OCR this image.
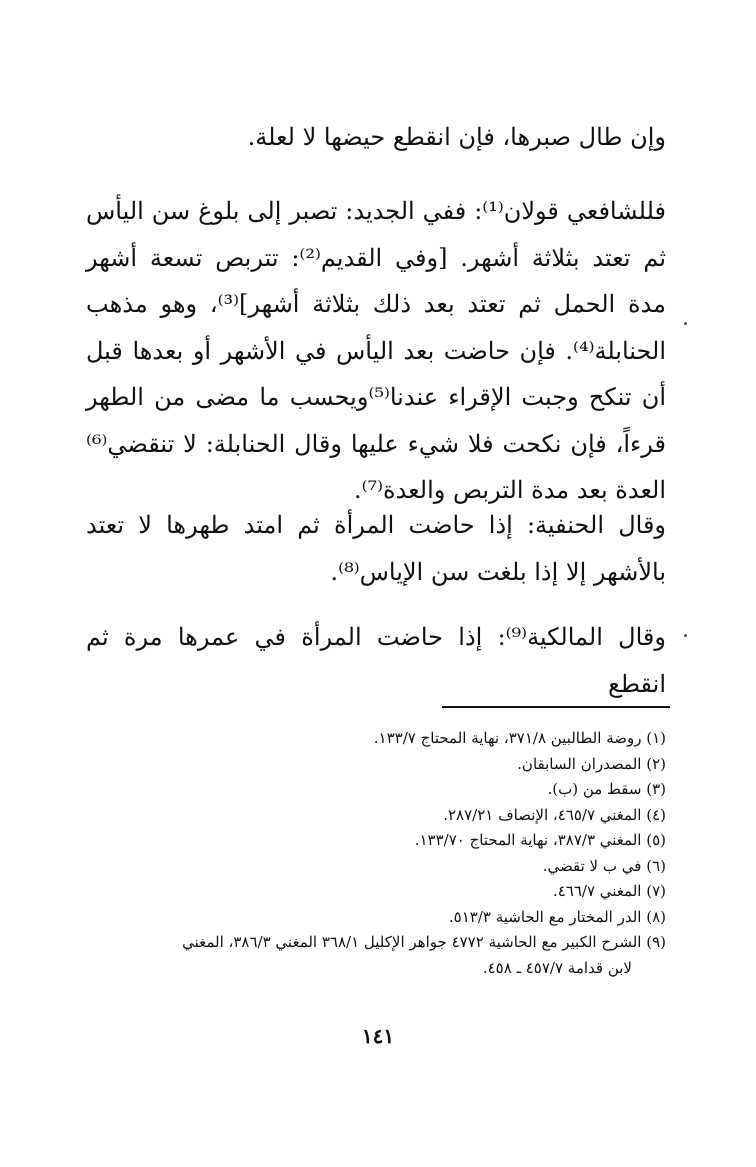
وإن طال صبرها، فإن انقطع حيضها لا لعلة.

فللشافعي قولان⁽¹⁾: ففي الجديد: تصبر إلى بلوغ سن اليأس ثم تعتد بثلاثة أشهر. [وفي القديم⁽²⁾: تتربص تسعة أشهر مدة الحمل ثم تعتد بعد ذلك بثلاثة أشهر]⁽³⁾، وهو مذهب الحنابلة⁽⁴⁾. فإن حاضت بعد اليأس في الأشهر أو بعدها قبل أن تنكح وجبت الإقراء عندنا⁽⁵⁾ويحسب ما مضى من الطهر قرءاً، فإن نكحت فلا شيء عليها وقال الحنابلة: لا تنقضي⁽⁶⁾ العدة بعد مدة التربص والعدة⁽⁷⁾.

وقال الحنفية: إذا حاضت المرأة ثم امتد طهرها لا تعتد بالأشهر إلا إذا بلغت سن الإياس⁽⁸⁾.

وقال المالكية⁽⁹⁾: إذا حاضت المرأة في عمرها مرة ثم انقطع

(١) روضة الطالبين ٣٧١/٨، نهاية المحتاج ١٣٣/٧.

(٢) المصدران السابقان.

(٣) سقط من (ب).

(٤) المغني ٤٦٥/٧، الإنصاف ٢٨٧/٢١.

(٥) المغني ٣٨٧/٣، نهاية المحتاج ١٣٣/٧٠.

(٦) في ب لا تقضي.

(٧) المغني ٤٦٦/٧.

(٨) الدر المختار مع الحاشية ٥١٣/٣.

(٩) الشرح الكبير مع الحاشية ٤٧٧٢ جواهر الإكليل ٣٦٨/١ المغني ٣٨٦/٣، المغني

لابن قدامة ٤٥٧/٧ ـ ٤٥٨.

١٤١
